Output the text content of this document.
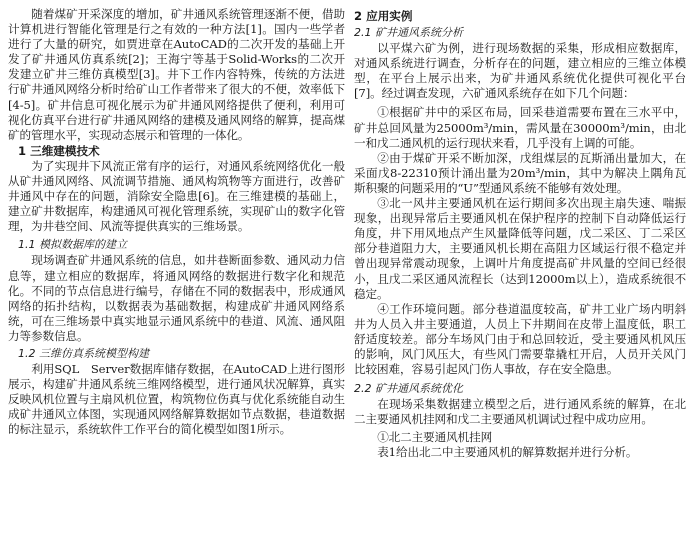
随着煤矿开采深度的增加，矿井通风系统管理逐渐不便，借助计算机进行智能化管理是行之有效的一种方法[1]。国内一些学者进行了大量的研究，如贾进章在AutoCAD的二次开发的基础上开发了矿井通风仿真系统[2]；王海宁等基于Solid-Works的二次开发建立矿井三维仿真模型[3]。井下工作内容特殊，传统的方法进行矿井通风网络分析时给矿山工作者带来了很大的不便，效率低下[4-5]。矿井信息可视化展示为矿井通风网络提供了便利，利用可视化仿真平台进行矿井通风网络的建模及通风网络的解算，提高煤矿的管理水平，实现动态展示和管理的一体化。

1 三维建模技术

为了实现井下风流正常有序的运行，对通风系统网络优化一般从矿井通风网络、风流调节措施、通风构筑物等方面进行，改善矿井通风中存在的问题，消除安全隐患[6]。在三维建模的基础上，建立矿井数据库，构建通风可视化管理系统，实现矿山的数字化管理，为井巷空间、风流等提供真实的三维场景。

1.1 模拟数据库的建立

现场调查矿井通风系统的信息，如井巷断面参数、通风动力信息等，建立相应的数据库，将通风网络的数据进行数字化和规范化。不同的节点信息进行编号，存储在不同的数据表中，形成通风网络的拓扑结构，以数据表为基础数据，构建成矿井通风网络系统，可在三维场景中真实地显示通风系统中的巷道、风流、通风阻力等参数信息。

1.2 三维仿真系统模型构建

利用SQL　Server数据库储存数据，在AutoCAD上进行图形展示，构建矿井通风系统三维网络模型，进行通风状况解算，真实反映风机位置与主扇风机位置，构筑物位伤真与优化系统能自动生成矿井通风立体图，实现通风网络解算数据如节点数据，巷道数据的标注显示，系统软件工作平台的简化模型如图1所示。

2 应用实例

2.1 矿井通风系统分析

以平煤六矿为例，进行现场数据的采集，形成相应数据库，对通风系统进行调查，分析存在的问题，建立相应的三维立体模型，在平台上展示出来，为矿井通风系统优化提供可视化平台[7]。经过调查发现，六矿通风系统存在如下几个问题：

①根据矿井中的采区布局，回采巷道需要布置在三水平中，矿井总回风量为25000m³/min，需风量在30000m³/min，由北一和戊二通风机的运行现状来看，几乎没有上调的可能。

②由于煤矿开采不断加深，戊组煤层的瓦斯涌出量加大，在采面戊8-22310预计涌出量为20m³/min，其中为解决上隅角瓦斯积聚的问题采用的“U”型通风系统不能够有效处理。

③北一风井主要通风机在运行期间多次出现主扇失速、喘振现象，出现异常后主要通风机在保护程序的控制下自动降低运行角度，井下用风地点产生风量降低等问题，戊二采区、丁二采区部分巷道阻力大，主要通风机长期在高阻力区域运行很不稳定并曾出现异常震动现象，上调叶片角度提高矿井风量的空间已经很小，且戊二采区通风流程长（达到12000m以上），造成系统很不稳定。

④工作环境问题。部分巷道温度较高，矿井工业广场内明斜井为人员入井主要通道，人员上下井期间在皮带上温度低，职工舒适度较差。部分车场风门由于和总回较近，受主要通风机风压的影响，风门风压大，有些风门需要靠撬杠开启，人员开关风门比较困难，容易引起风门伤人事故，存在安全隐患。

2.2 矿井通风系统优化

在现场采集数据建立模型之后，进行通风系统的解算，在北二主要通风机挂网和戊二主要通风机调试过程中成功应用。

①北二主要通风机挂网

表1给出北二中主要通风机的解算数据并进行分析。
